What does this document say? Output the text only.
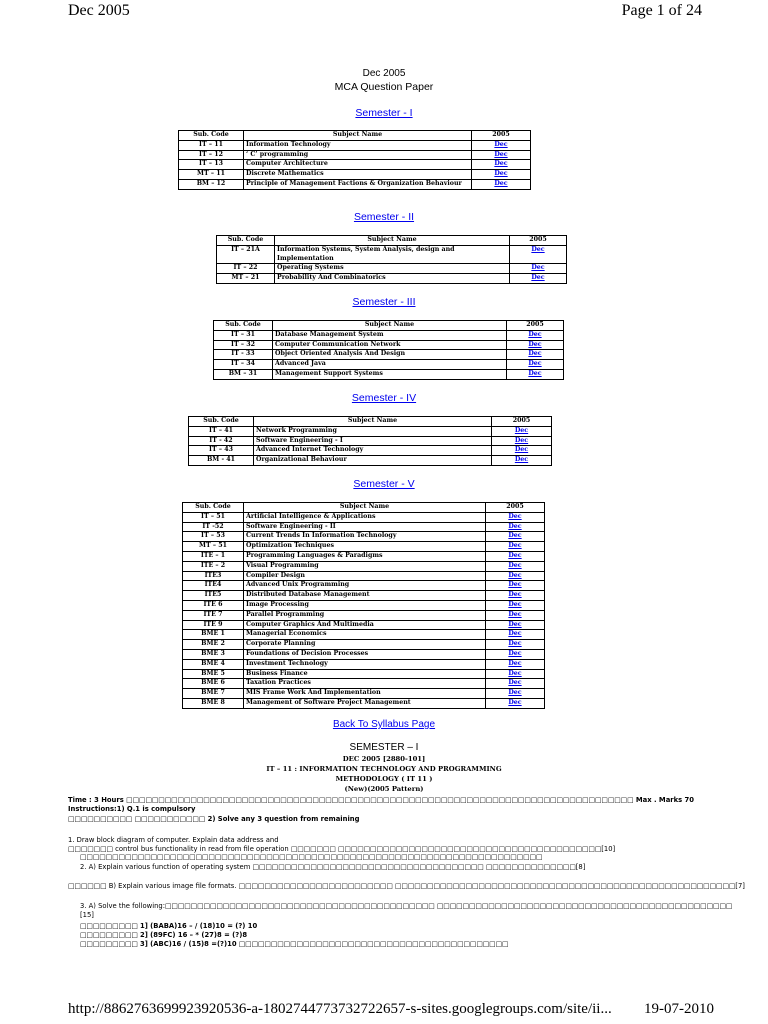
Dec 2005	Page 1 of 24
Dec 2005
MCA Question Paper
Semester - I
Sub. Code	Subject Name	2005
IT – 11	Information Technology	Dec
IT – 12	‘ C’ programming	Dec
IT – 13	Computer Architecture	Dec
MT – 11	Discrete Mathematics	Dec
BM – 12	Principle of Management Factions & Organization Behaviour	Dec
Semester - II
Sub. Code	Subject Name	2005
IT – 21A	Information Systems, System Analysis, design and Implementation	Dec
IT – 22	Operating Systems	Dec
MT – 21	Probability And Combinatorics	Dec
Semester - III
Sub. Code	Subject Name	2005
IT – 31	Database Management System	Dec
IT – 32	Computer Communication Network	Dec
IT - 33	Object Oriented Analysis And Design	Dec
IT – 34	Advanced Java	Dec
BM – 31	Management Support Systems	Dec
Semester - IV
Sub. Code	Subject Name	2005
IT – 41	Network Programming	Dec
IT - 42	Software Engineering - I	Dec
IT – 43	Advanced Internet Technology	Dec
BM - 41	Organizational Behaviour	Dec
Semester - V
Sub. Code	Subject Name	2005
IT – 51	Artificial Intelligence & Applications	Dec
IT -52	Software Engineering - II	Dec
IT – 53	Current Trends In Information Technology	Dec
MT – 51	Optimization Techniques	Dec
ITE – 1	Programming Languages & Paradigms	Dec
ITE – 2	Visual Programming	Dec
ITE3	Compiler Design	Dec
ITE4	Advanced Unix Programming	Dec
ITE5	Distributed Database Management	Dec
ITE 6	Image Processing	Dec
ITE 7	Parallel Programming	Dec
ITE 9	Computer Graphics And Multimedia	Dec
BME 1	Managerial Economics	Dec
BME 2	Corporate Planning	Dec
BME 3	Foundations of Decision Processes	Dec
BME 4	Investment Technology	Dec
BME 5	Business Finance	Dec
BME 6	Taxation Practices	Dec
BME 7	MIS Frame Work And Implementation	Dec
BME 8	Management of Software Project Management	Dec
Back To Syllabus Page
SEMESTER – I
DEC 2005 [2880-101]
IT – 11 : INFORMATION TECHNOLOGY AND PROGRAMMING
METHODOLOGY ( IT 11 )
(New)(2005 Pattern)
Time : 3 Hours □□□□□□□□□□□□□□□□□□□□□□□□□□□□□□□□□□□□□□□□□□□□□□□□□□□□□□□□□□□□□□□□□□□□□□□□□□□□□□□ Max . Marks 70
Instructions:1) Q.1 is compulsory
□□□□□□□□□□ □□□□□□□□□□□ 2) Solve any 3 question from remaining
1. Draw block diagram of computer. Explain data address and
□□□□□□□ control bus functionality in read from file operation □□□□□□□ □□□□□□□□□□□□□□□□□□□□□□□□□□□□□□□□□□□□□□□□□[10]
□□□□□□□□□□□□□□□□□□□□□□□□□□□□□□□□□□□□□□□□□□□□□□□□□□□□□□□□□□□□□□□□□□□□□□□□
2. A) Explain various function of operating system □□□□□□□□□□□□□□□□□□□□□□□□□□□□□□□□□□□□ □□□□□□□□□□□□□□[8]
□□□□□□ B) Explain various image file formats. □□□□□□□□□□□□□□□□□□□□□□□□ □□□□□□□□□□□□□□□□□□□□□□□□□□□□□□□□□□□□□□□□□□□□□□□□□□□□□[7]
3. A) Solve the following:□□□□□□□□□□□□□□□□□□□□□□□□□□□□□□□□□□□□□□□□□□ □□□□□□□□□□□□□□□□□□□□□□□□□□□□□□□□□□□□□□□□□□□□□□
[15]
□□□□□□□□□ 1] (BABA)16 – / (18)10 = (?) 10
□□□□□□□□□ 2] (89FC) 16 – * (27)8 = (?)8
□□□□□□□□□ 3] (ABC)16 / (15)8 =(?)10 □□□□□□□□□□□□□□□□□□□□□□□□□□□□□□□□□□□□□□□□□□
http://8862763699923920536-a-1802744773732722657-s-sites.googlegroups.com/site/ii... 19-07-2010
